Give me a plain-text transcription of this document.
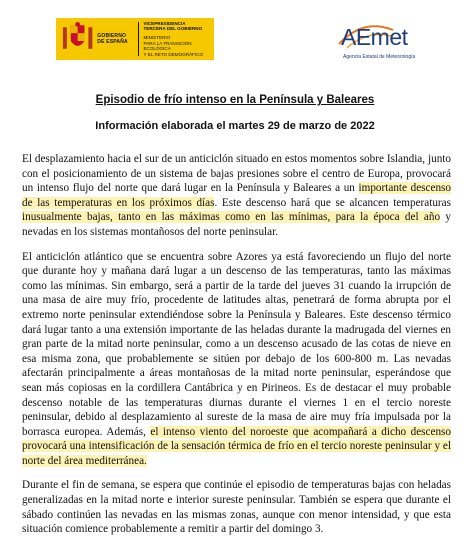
GOBIERNO
DE ESPAÑA
VICEPRESIDENCIA
TERCERA DEL GOBIERNO
MINISTERIO
PARA LA TRANSICIÓN ECOLÓGICA
Y EL RETO DEMOGRÁFICO
AEmet
Agencia Estatal de Meteorología
Episodio de frío intenso en la Península y Baleares
Información elaborada el martes 29 de marzo de 2022

El desplazamiento hacia el sur de un anticiclón situado en estos momentos sobre Islandia, junto con el posicionamiento de un sistema de bajas presiones sobre el centro de Europa, provocará un intenso flujo del norte que dará lugar en la Península y Baleares a un importante descenso de las temperaturas en los próximos días. Este descenso hará que se alcancen temperaturas inusualmente bajas, tanto en las máximas como en las mínimas, para la época del año y nevadas en los sistemas montañosos del norte peninsular.

El anticiclón atlántico que se encuentra sobre Azores ya está favoreciendo un flujo del norte que durante hoy y mañana dará lugar a un descenso de las temperaturas, tanto las máximas como las mínimas. Sin embargo, será a partir de la tarde del jueves 31 cuando la irrupción de una masa de aire muy frío, procedente de latitudes altas, penetrará de forma abrupta por el extremo norte peninsular extendiéndose sobre la Península y Baleares. Este descenso térmico dará lugar tanto a una extensión importante de las heladas durante la madrugada del viernes en gran parte de la mitad norte peninsular, como a un descenso acusado de las cotas de nieve en esa misma zona, que probablemente se sitúen por debajo de los 600-800 m. Las nevadas afectarán principalmente a áreas montañosas de la mitad norte peninsular, esperándose que sean más copiosas en la cordillera Cantábrica y en Pirineos. Es de destacar el muy probable descenso notable de las temperaturas diurnas durante el viernes 1 en el tercio noreste peninsular, debido al desplazamiento al sureste de la masa de aire muy fría impulsada por la borrasca europea. Además, el intenso viento del noroeste que acompañará a dicho descenso provocará una intensificación de la sensación térmica de frío en el tercio noreste peninsular y el norte del área mediterránea.

Durante el fin de semana, se espera que continúe el episodio de temperaturas bajas con heladas generalizadas en la mitad norte e interior sureste peninsular. También se espera que durante el sábado continúen las nevadas en las mismas zonas, aunque con menor intensidad, y que esta situación comience probablemente a remitir a partir del domingo 3.
